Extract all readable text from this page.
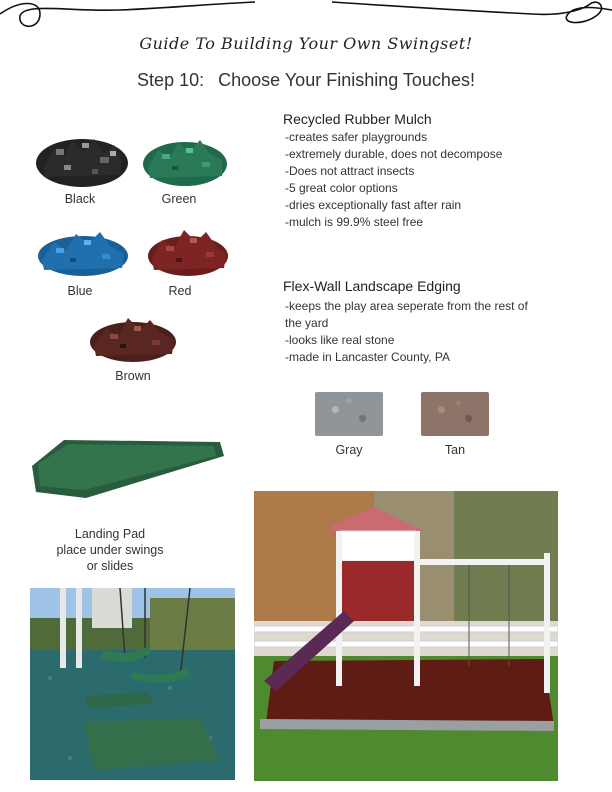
Guide To Building Your Own Swingset!
Step 10: Choose Your Finishing Touches!
Black	Green
Blue	Red
Brown
Recycled Rubber Mulch
-creates safer playgrounds
-extremely durable, does not decompose
-Does not attract insects
-5 great color options
-dries exceptionally fast after rain
-mulch is 99.9% steel free
Flex-Wall Landscape Edging
-keeps the play area seperate from the rest of
the yard
-looks like real stone
-made in Lancaster County, PA
Gray	Tan
Landing Pad
place under swings
or slides
